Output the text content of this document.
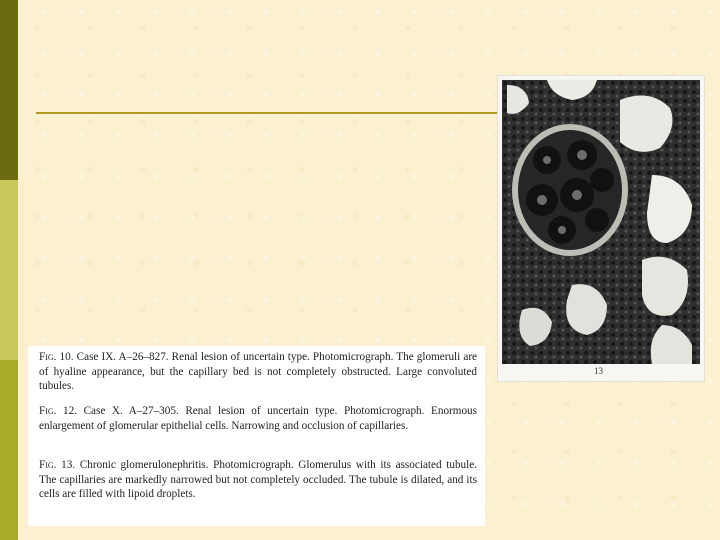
13

Fig. 10. Case IX. A–26–827. Renal lesion of uncertain type. Photomicrograph. The glomeruli are of hyaline appearance, but the capillary bed is not completely obstructed. Large convoluted tubules.

Fig. 12. Case X. A–27–305. Renal lesion of uncertain type. Photomicrograph. Enormous enlargement of glomerular epithelial cells. Narrowing and occlusion of capillaries.

Fig. 13. Chronic glomerulonephritis. Photomicrograph. Glomerulus with its associated tubule. The capillaries are markedly narrowed but not completely occluded. The tubule is dilated, and its cells are filled with lipoid droplets.
